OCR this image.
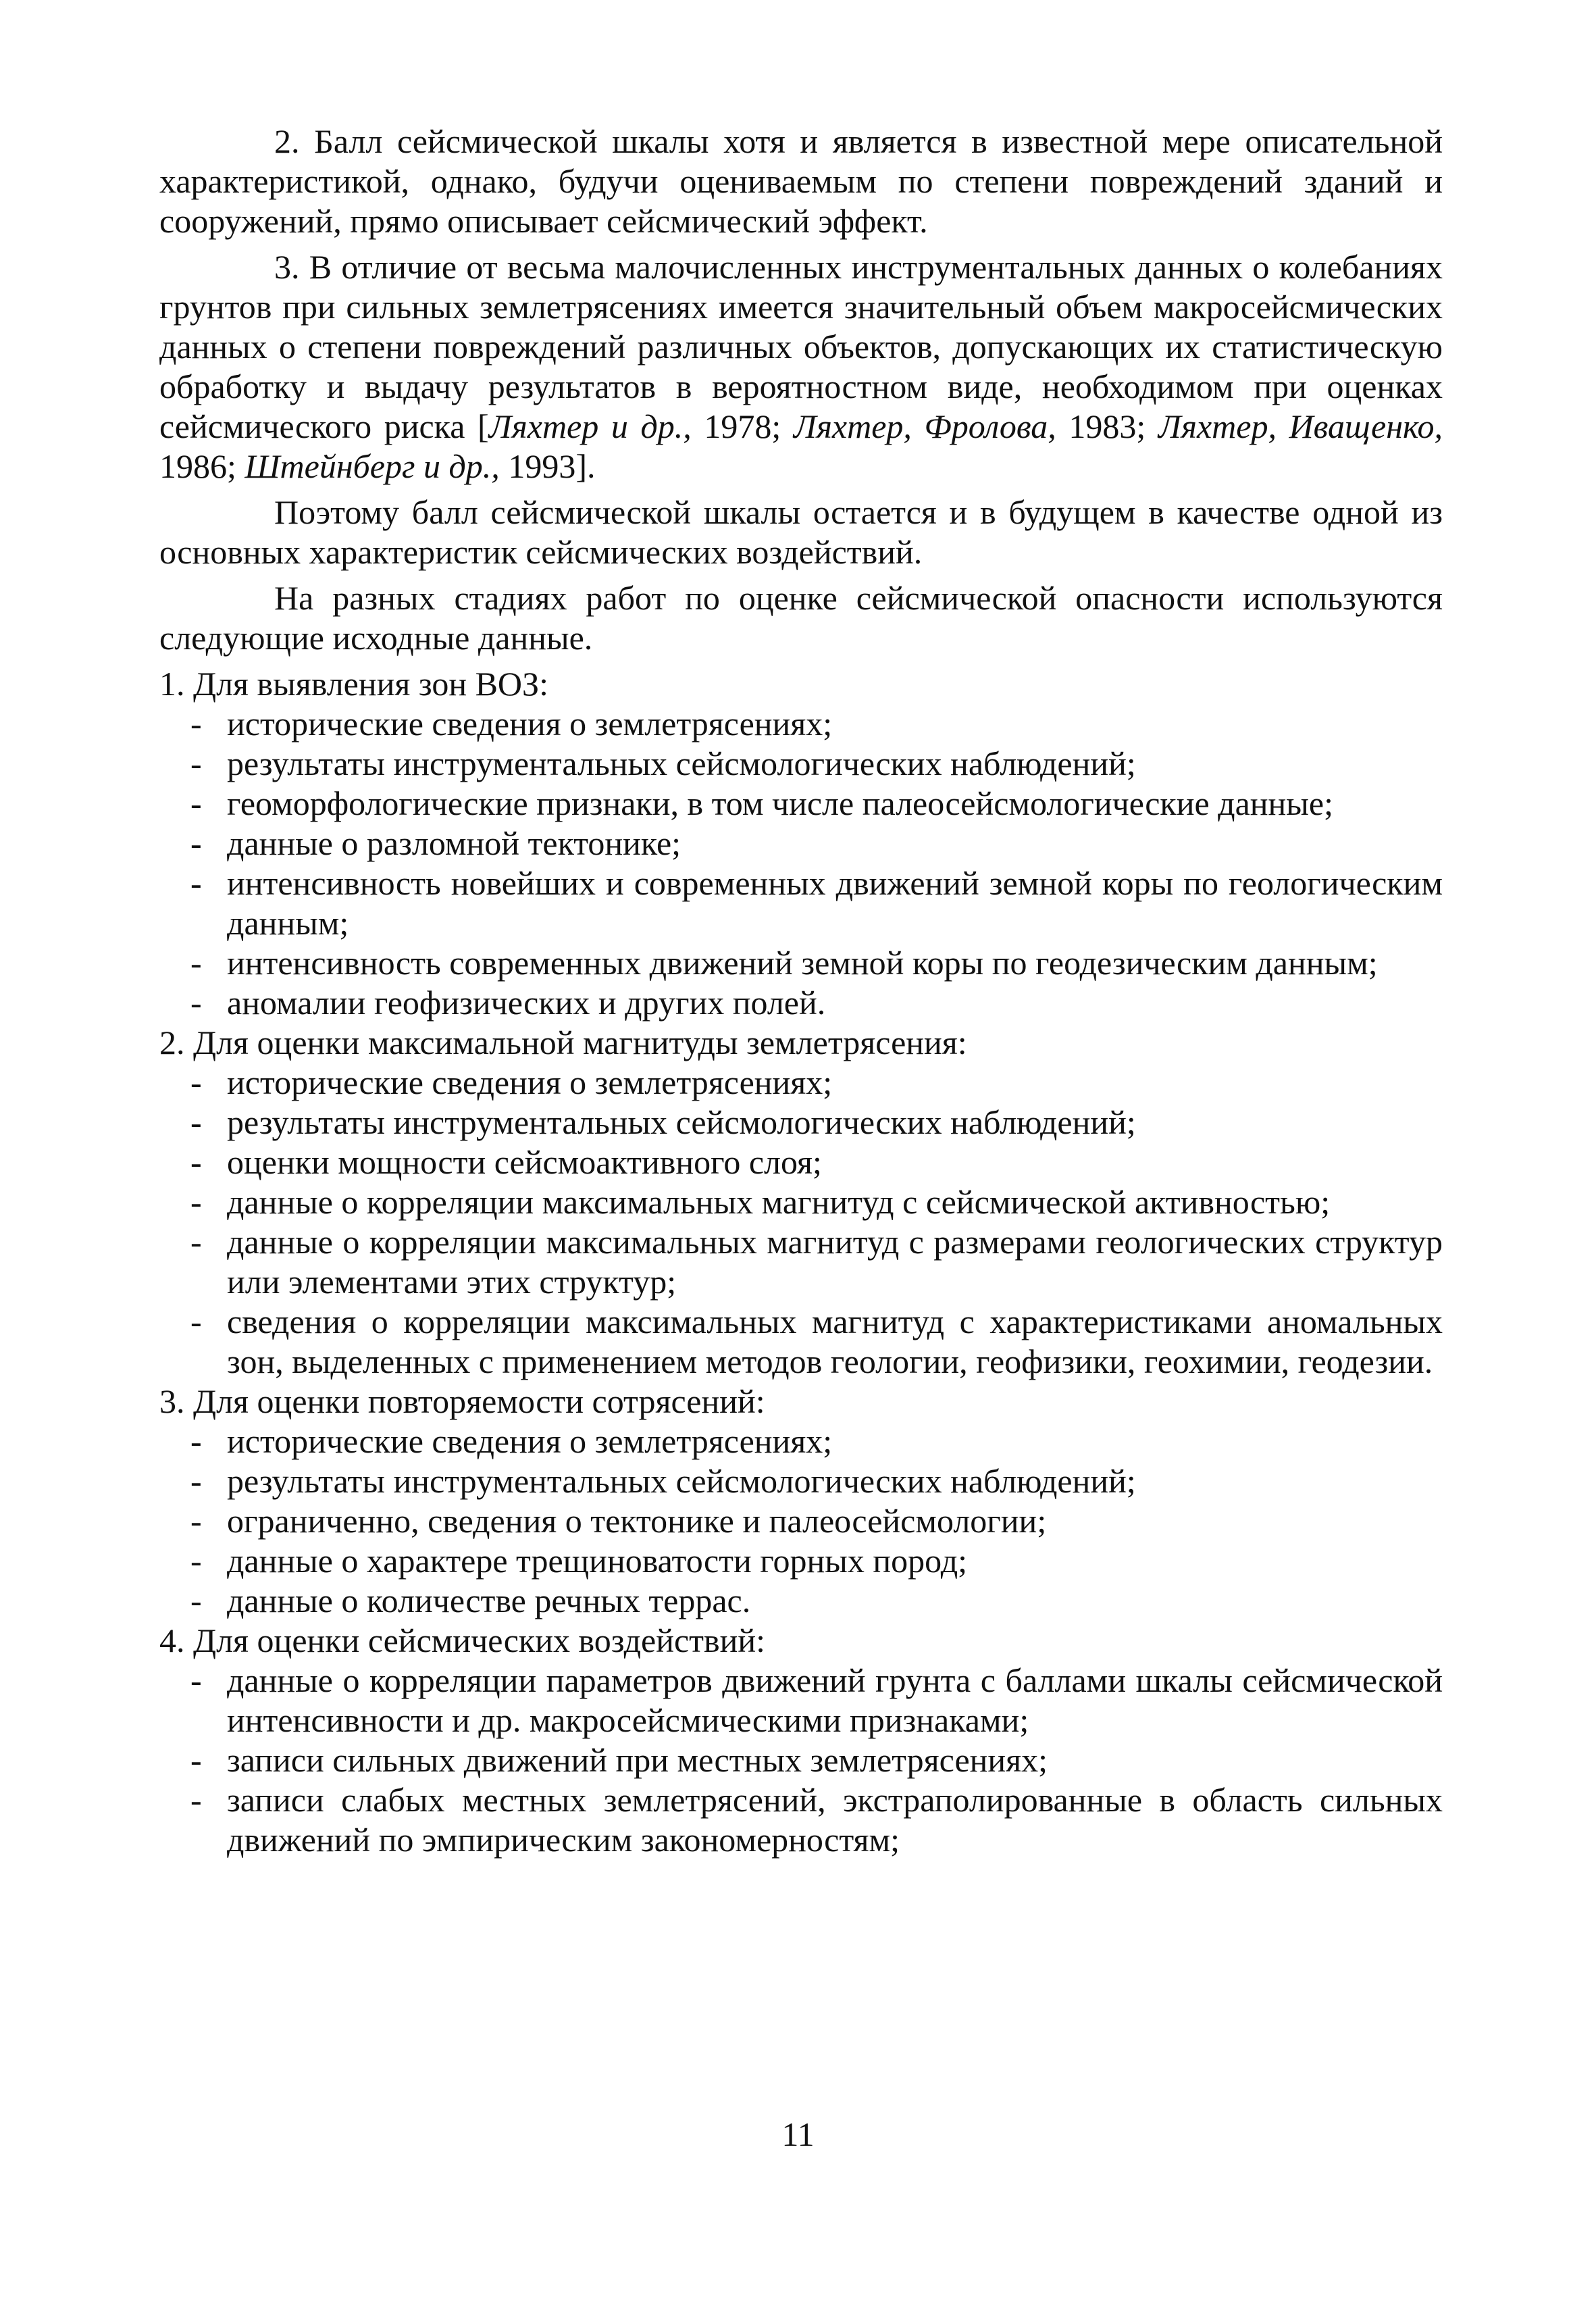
2. Балл сейсмической шкалы хотя и является в известной мере описательной характеристикой, однако, будучи оцениваемым по степени повреждений зданий и сооружений, прямо описывает сейсмический эффект.

3. В отличие от весьма малочисленных инструментальных данных о колебаниях грунтов при сильных землетрясениях имеется значительный объем макросейсмических данных о степени повреждений различных объектов, допускающих их статистическую обработку и выдачу результатов в вероятностном виде, необходимом при оценках сейсмического риска [Ляхтер и др., 1978; Ляхтер, Фролова, 1983; Ляхтер, Иващенко, 1986; Штейнберг и др., 1993].

Поэтому балл сейсмической шкалы остается и в будущем в качестве одной из основных характеристик сейсмических воздействий.

На разных стадиях работ по оценке сейсмической опасности используются следующие исходные данные.

1. Для выявления зон ВОЗ:
- исторические сведения о землетрясениях;
- результаты инструментальных сейсмологических наблюдений;
- геоморфологические признаки, в том числе палеосейсмологические данные;
- данные о разломной тектонике;
- интенсивность новейших и современных движений земной коры по геологическим данным;
- интенсивность современных движений земной коры по геодезическим данным;
- аномалии геофизических и других полей.
2. Для оценки максимальной магнитуды землетрясения:
- исторические сведения о землетрясениях;
- результаты инструментальных сейсмологических наблюдений;
- оценки мощности сейсмоактивного слоя;
- данные о корреляции максимальных магнитуд с сейсмической активностью;
- данные о корреляции максимальных магнитуд с размерами геологических структур или элементами этих структур;
- сведения о корреляции максимальных магнитуд с характеристиками аномальных зон, выделенных с применением методов геологии, геофизики, геохимии, геодезии.
3. Для оценки повторяемости сотрясений:
- исторические сведения о землетрясениях;
- результаты инструментальных сейсмологических наблюдений;
- ограниченно, сведения о тектонике и палеосейсмологии;
- данные о характере трещиноватости горных пород;
- данные о количестве речных террас.
4. Для оценки сейсмических воздействий:
- данные о корреляции параметров движений грунта с баллами шкалы сейсмической интенсивности и др. макросейсмическими признаками;
- записи сильных движений при местных землетрясениях;
- записи слабых местных землетрясений, экстраполированные в область сильных движений по эмпирическим закономерностям;
11
